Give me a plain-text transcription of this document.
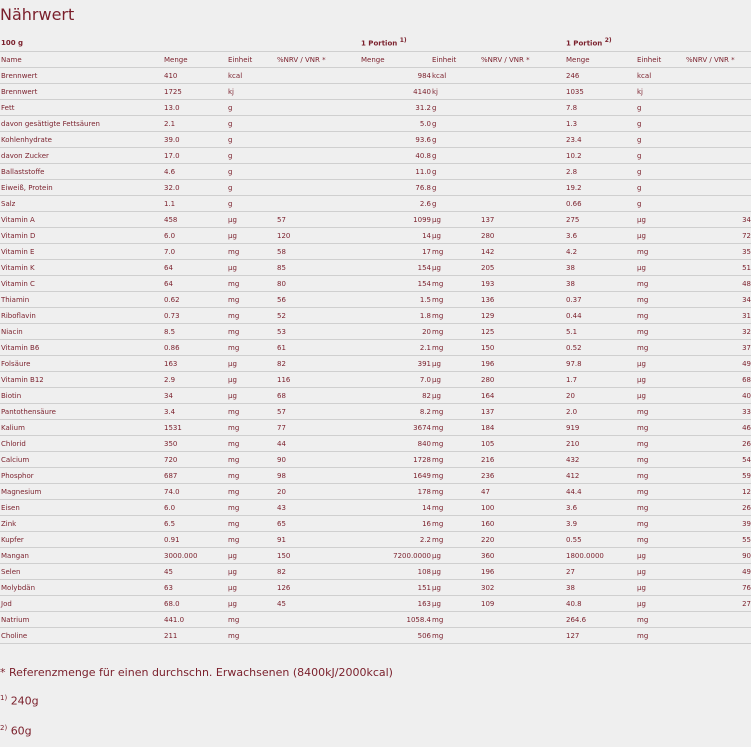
Nährwert
100 g				1 Portion $^{1)}$			1 Portion $^{2)}$		
Name	Menge	Einheit	%NRV / VNR *	Menge	Einheit	%NRV / VNR *	Menge	Einheit	%NRV / VNR *
Brennwert	410	kcal		984	kcal		246	kcal	
Brennwert	1725	kj		4140	kj		1035	kj	
Fett	13.0	g		31.2	g		7.8	g	
davon gesättigte Fettsäuren	2.1	g		5.0	g		1.3	g	
Kohlenhydrate	39.0	g		93.6	g		23.4	g	
davon Zucker	17.0	g		40.8	g		10.2	g	
Ballaststoffe	4.6	g		11.0	g		2.8	g	
Eiweiß, Protein	32.0	g		76.8	g		19.2	g	
Salz	1.1	g		2.6	g		0.66	g	
Vitamin A	458	µg	57	1099	µg	137	275	µg	34
Vitamin D	6.0	µg	120	14	µg	280	3.6	µg	72
Vitamin E	7.0	mg	58	17	mg	142	4.2	mg	35
Vitamin K	64	µg	85	154	µg	205	38	µg	51
Vitamin C	64	mg	80	154	mg	193	38	mg	48
Thiamin	0.62	mg	56	1.5	mg	136	0.37	mg	34
Riboflavin	0.73	mg	52	1.8	mg	129	0.44	mg	31
Niacin	8.5	mg	53	20	mg	125	5.1	mg	32
Vitamin B6	0.86	mg	61	2.1	mg	150	0.52	mg	37
Folsäure	163	µg	82	391	µg	196	97.8	µg	49
Vitamin B12	2.9	µg	116	7.0	µg	280	1.7	µg	68
Biotin	34	µg	68	82	µg	164	20	µg	40
Pantothensäure	3.4	mg	57	8.2	mg	137	2.0	mg	33
Kalium	1531	mg	77	3674	mg	184	919	mg	46
Chlorid	350	mg	44	840	mg	105	210	mg	26
Calcium	720	mg	90	1728	mg	216	432	mg	54
Phosphor	687	mg	98	1649	mg	236	412	mg	59
Magnesium	74.0	mg	20	178	mg	47	44.4	mg	12
Eisen	6.0	mg	43	14	mg	100	3.6	mg	26
Zink	6.5	mg	65	16	mg	160	3.9	mg	39
Kupfer	0.91	mg	91	2.2	mg	220	0.55	mg	55
Mangan	3000.000	µg	150	7200.0000	µg	360	1800.0000	µg	90
Selen	45	µg	82	108	µg	196	27	µg	49
Molybdän	63	µg	126	151	µg	302	38	µg	76
Jod	68.0	µg	45	163	µg	109	40.8	µg	27
Natrium	441.0	mg		1058.4	mg		264.6	mg	
Choline	211	mg		506	mg		127	mg	
* Referenzmenge für einen durchschn. Erwachsenen (8400kJ/2000kcal)
$^{1)}$ 240g
$^{2)}$ 60g
